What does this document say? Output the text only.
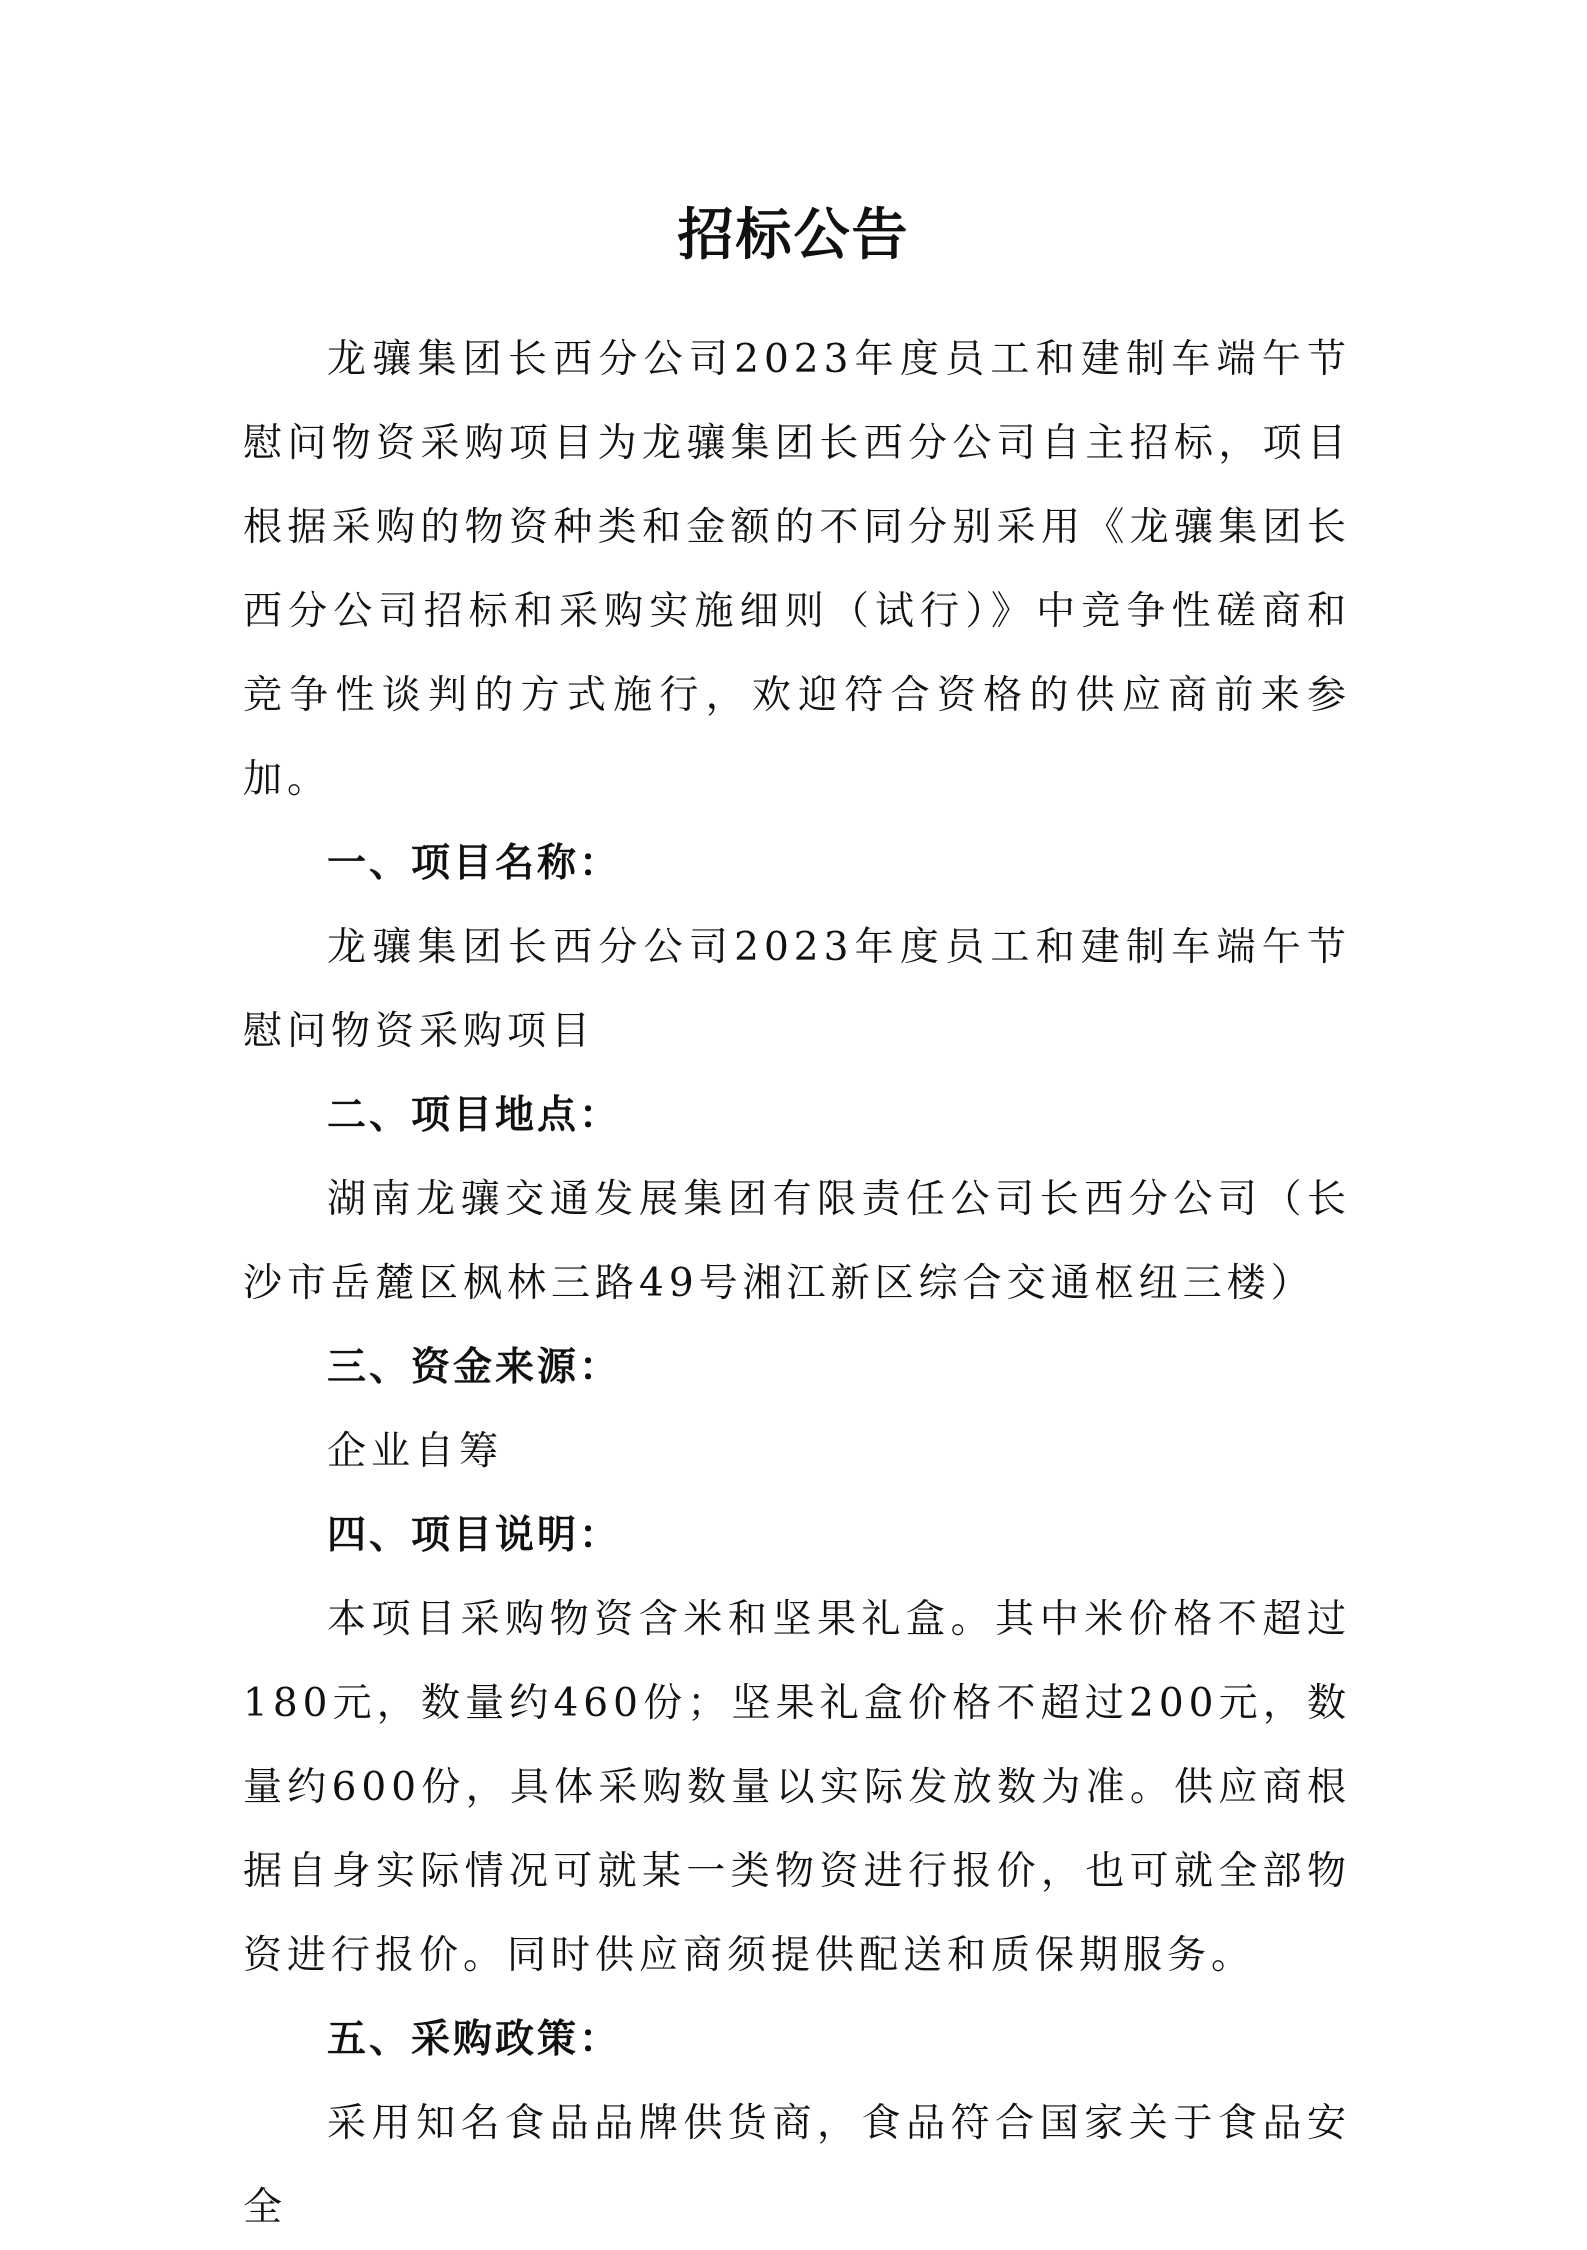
招标公告

龙骧集团长西分公司2023年度员工和建制车端午节慰问物资采购项目为龙骧集团长西分公司自主招标，项目根据采购的物资种类和金额的不同分别采用《龙骧集团长西分公司招标和采购实施细则（试行）》中竞争性磋商和竞争性谈判的方式施行，欢迎符合资格的供应商前来参加。

一、项目名称：

龙骧集团长西分公司2023年度员工和建制车端午节慰问物资采购项目

二、项目地点：

湖南龙骧交通发展集团有限责任公司长西分公司（长沙市岳麓区枫林三路49号湘江新区综合交通枢纽三楼）

三、资金来源：

企业自筹

四、项目说明：

本项目采购物资含米和坚果礼盒。其中米价格不超过180元，数量约460份；坚果礼盒价格不超过200元，数量约600份，具体采购数量以实际发放数为准。供应商根据自身实际情况可就某一类物资进行报价，也可就全部物资进行报价。同时供应商须提供配送和质保期服务。

五、采购政策：

采用知名食品品牌供货商，食品符合国家关于食品安全
